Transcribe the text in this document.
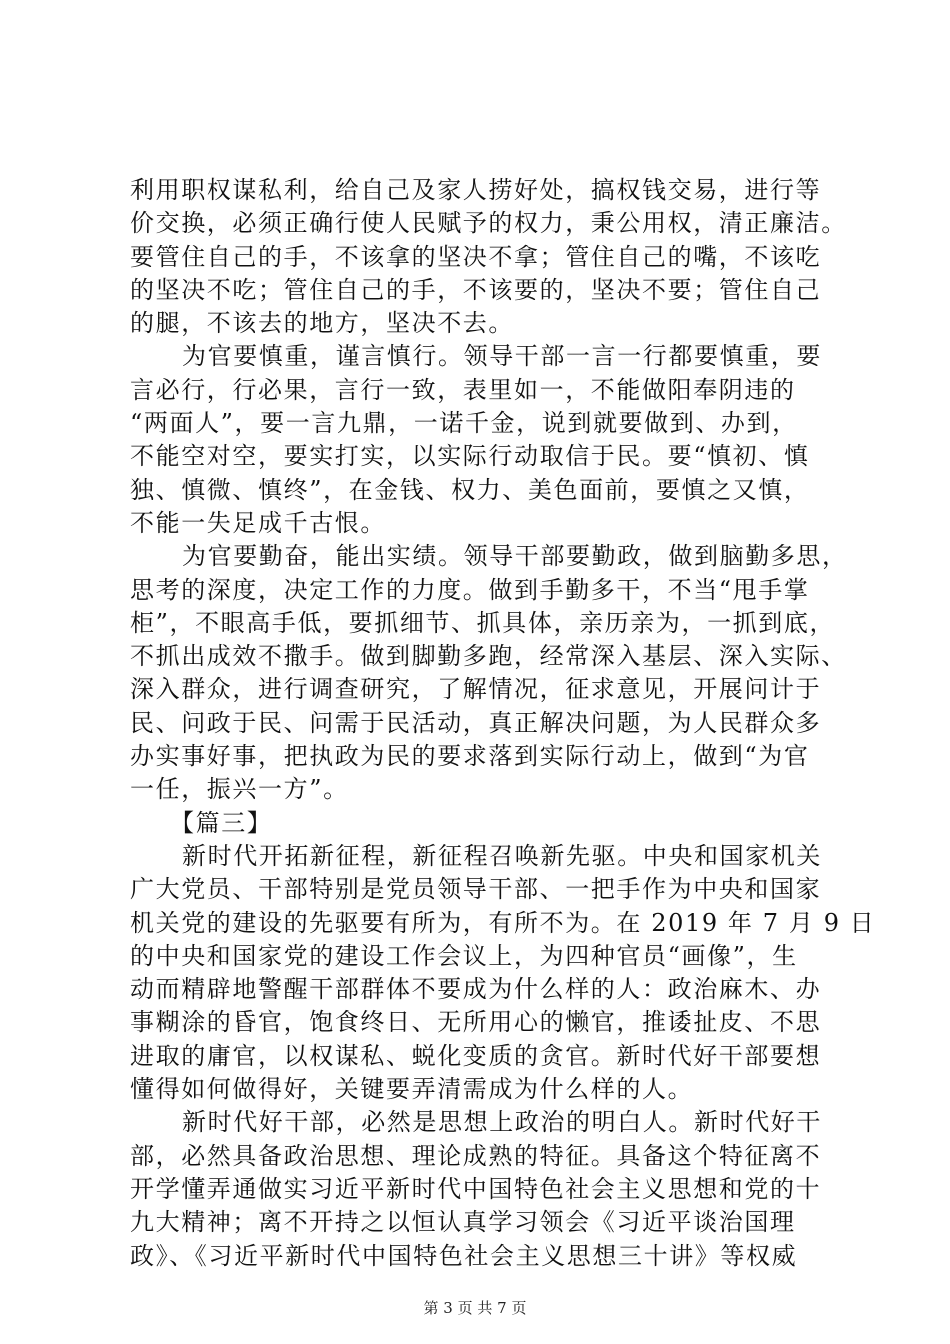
利用职权谋私利，给自己及家人捞好处，搞权钱交易，进行等
价交换，必须正确行使人民赋予的权力，秉公用权，清正廉洁。
要管住自己的手，不该拿的坚决不拿；管住自己的嘴，不该吃
的坚决不吃；管住自己的手，不该要的，坚决不要；管住自己
的腿，不该去的地方，坚决不去。
为官要慎重，谨言慎行。领导干部一言一行都要慎重，要
言必行，行必果，言行一致，表里如一，不能做阳奉阴违的
“两面人”，要一言九鼎，一诺千金，说到就要做到、办到，
不能空对空，要实打实，以实际行动取信于民。要“慎初、慎
独、慎微、慎终”，在金钱、权力、美色面前，要慎之又慎，
不能一失足成千古恨。
为官要勤奋，能出实绩。领导干部要勤政，做到脑勤多思，
思考的深度，决定工作的力度。做到手勤多干，不当“甩手掌
柜”，不眼高手低，要抓细节、抓具体，亲历亲为，一抓到底，
不抓出成效不撒手。做到脚勤多跑，经常深入基层、深入实际、
深入群众，进行调查研究，了解情况，征求意见，开展问计于
民、问政于民、问需于民活动，真正解决问题，为人民群众多
办实事好事，把执政为民的要求落到实际行动上，做到“为官
一任，振兴一方”。
【篇三】
新时代开拓新征程，新征程召唤新先驱。中央和国家机关
广大党员、干部特别是党员领导干部、一把手作为中央和国家
机关党的建设的先驱要有所为，有所不为。在 2019 年 7 月 9 日
的中央和国家党的建设工作会议上，为四种官员“画像”，生
动而精辟地警醒干部群体不要成为什么样的人：政治麻木、办
事糊涂的昏官，饱食终日、无所用心的懒官，推诿扯皮、不思
进取的庸官，以权谋私、蜕化变质的贪官。新时代好干部要想
懂得如何做得好，关键要弄清需成为什么样的人。
新时代好干部，必然是思想上政治的明白人。新时代好干
部，必然具备政治思想、理论成熟的特征。具备这个特征离不
开学懂弄通做实习近平新时代中国特色社会主义思想和党的十
九大精神；离不开持之以恒认真学习领会《习近平谈治国理
政》、《习近平新时代中国特色社会主义思想三十讲》等权威
第 3 页 共 7 页
